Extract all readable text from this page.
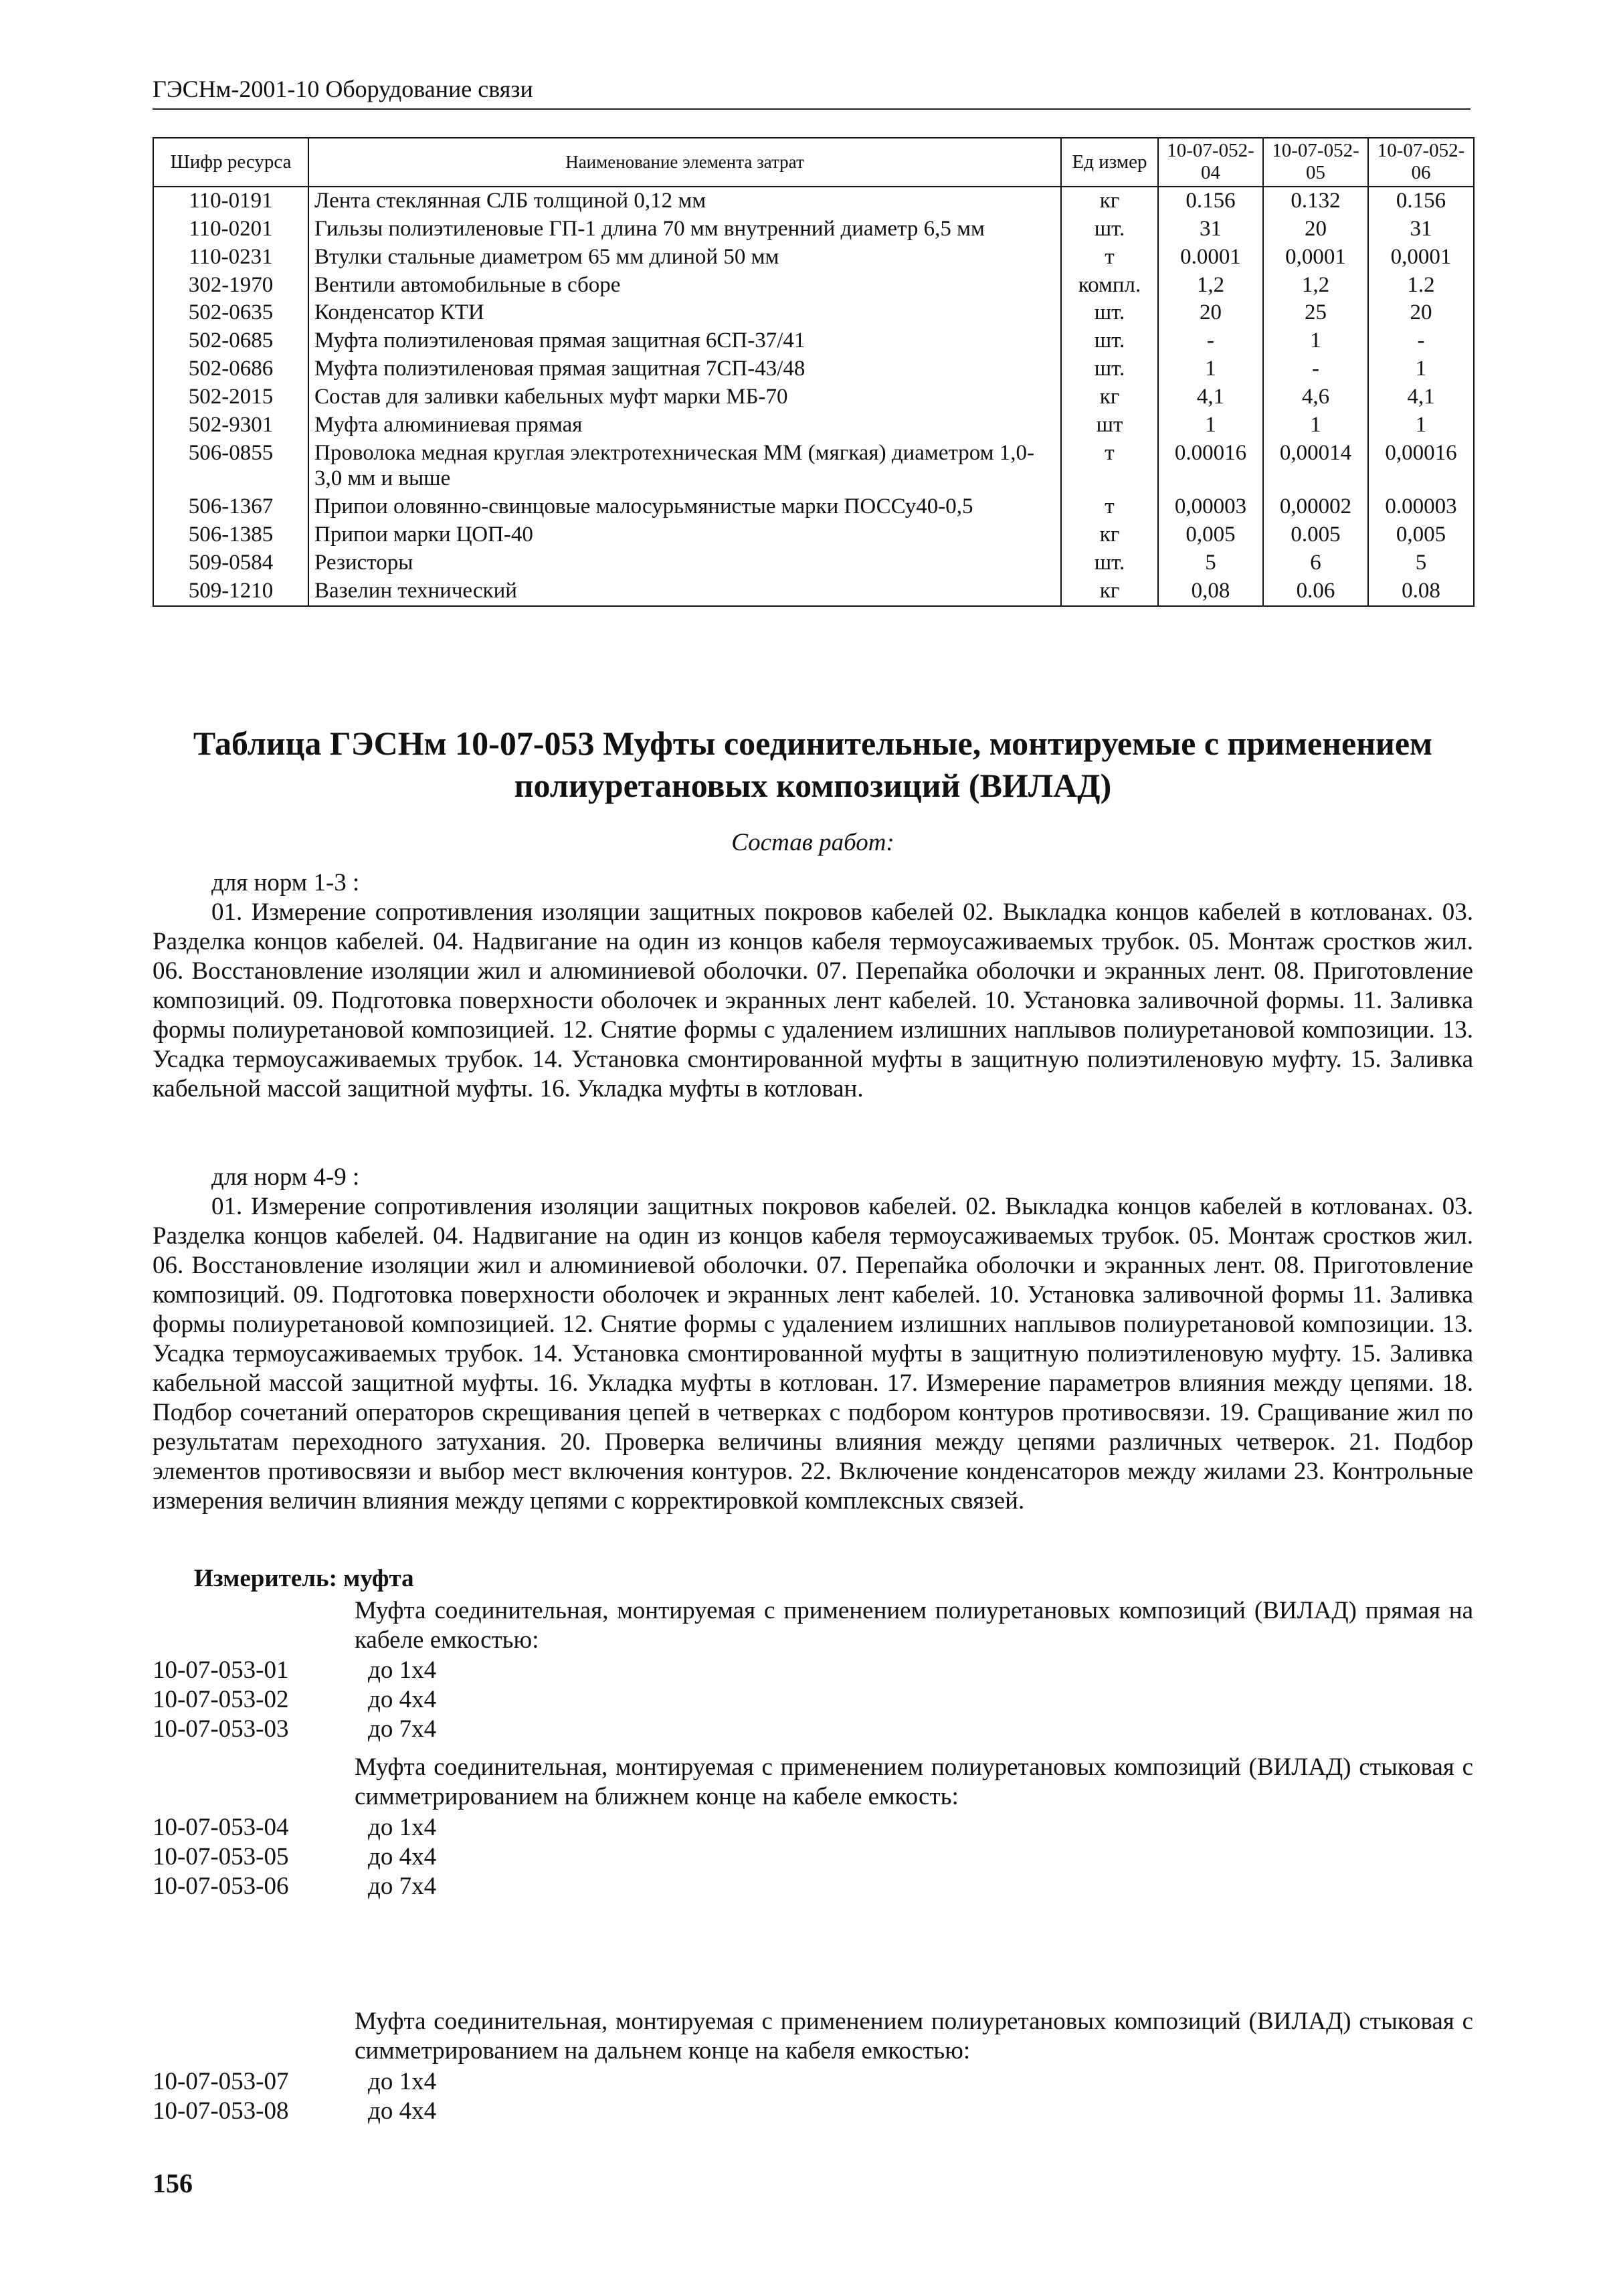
ГЭСНм-2001-10 Оборудование связи
Шифр ресурса	Наименование элемента затрат	Ед измер	10-07-052-04	10-07-052-05	10-07-052-06
110-0191	Лента стеклянная СЛБ толщиной 0,12 мм	кг	0.156	0.132	0.156
110-0201	Гильзы полиэтиленовые ГП-1 длина 70 мм внутренний диаметр 6,5 мм	шт.	31	20	31
110-0231	Втулки стальные диаметром 65 мм длиной 50 мм	т	0.0001	0,0001	0,0001
302-1970	Вентили автомобильные в сборе	компл.	1,2	1,2	1.2
502-0635	Конденсатор КТИ	шт.	20	25	20
502-0685	Муфта полиэтиленовая прямая защитная 6СП-37/41	шт.	-	1	-
502-0686	Муфта полиэтиленовая прямая защитная 7СП-43/48	шт.	1	-	1
502-2015	Состав для заливки кабельных муфт марки МБ-70	кг	4,1	4,6	4,1
502-9301	Муфта алюминиевая прямая	шт	1	1	1
506-0855	Проволока медная круглая электротехническая ММ (мягкая) диаметром 1,0-3,0 мм и выше	т	0.00016	0,00014	0,00016
506-1367	Припои оловянно-свинцовые малосурьмянистые марки ПОССу40-0,5	т	0,00003	0,00002	0.00003
506-1385	Припои марки ЦОП-40	кг	0,005	0.005	0,005
509-0584	Резисторы	шт.	5	6	5
509-1210	Вазелин технический	кг	0,08	0.06	0.08
Таблица ГЭСНм 10-07-053 Муфты соединительные, монтируемые с применением полиуретановых композиций (ВИЛАД)
Состав работ:
для норм 1-3 :
01. Измерение сопротивления изоляции защитных покровов кабелей 02. Выкладка концов кабелей в котлованах. 03. Разделка концов кабелей. 04. Надвигание на один из концов кабеля термоусаживаемых трубок. 05. Монтаж сростков жил. 06. Восстановление изоляции жил и алюминиевой оболочки. 07. Перепайка оболочки и экранных лент. 08. Приготовление композиций. 09. Подготовка поверхности оболочек и экранных лент кабелей. 10. Установка заливочной формы. 11. Заливка формы полиуретановой композицией. 12. Снятие формы с удалением излишних наплывов полиуретановой композиции. 13. Усадка термоусаживаемых трубок. 14. Установка смонтированной муфты в защитную полиэтиленовую муфту. 15. Заливка кабельной массой защитной муфты. 16. Укладка муфты в котлован.
для норм 4-9 :
01. Измерение сопротивления изоляции защитных покровов кабелей. 02. Выкладка концов кабелей в котлованах. 03. Разделка концов кабелей. 04. Надвигание на один из концов кабеля термоусаживаемых трубок. 05. Монтаж сростков жил. 06. Восстановление изоляции жил и алюминиевой оболочки. 07. Перепайка оболочки и экранных лент. 08. Приготовление композиций. 09. Подготовка поверхности оболочек и экранных лент кабелей. 10. Установка заливочной формы 11. Заливка формы полиуретановой композицией. 12. Снятие формы с удалением излишних наплывов полиуретановой композиции. 13. Усадка термоусаживаемых трубок. 14. Установка смонтированной муфты в защитную полиэтиленовую муфту. 15. Заливка кабельной массой защитной муфты. 16. Укладка муфты в котлован. 17. Измерение параметров влияния между цепями. 18. Подбор сочетаний операторов скрещивания цепей в четверках с подбором контуров противосвязи. 19. Сращивание жил по результатам переходного затухания. 20. Проверка величины влияния между цепями различных четверок. 21. Подбор элементов противосвязи и выбор мест включения контуров. 22. Включение конденсаторов между жилами 23. Контрольные измерения величин влияния между цепями с корректировкой комплексных связей.
Измеритель: муфта
Муфта соединительная, монтируемая с применением полиуретановых композиций (ВИЛАД) прямая на кабеле емкостью:
10-07-053-01	до 1x4
10-07-053-02	до 4x4
10-07-053-03	до 7x4
Муфта соединительная, монтируемая с применением полиуретановых композиций (ВИЛАД) стыковая с симметрированием на ближнем конце на кабеле емкость:
10-07-053-04	до 1x4
10-07-053-05	до 4x4
10-07-053-06	до 7x4
Муфта соединительная, монтируемая с применением полиуретановых композиций (ВИЛАД) стыковая с симметрированием на дальнем конце на кабеля емкостью:
10-07-053-07	до 1x4
10-07-053-08	до 4x4
156
